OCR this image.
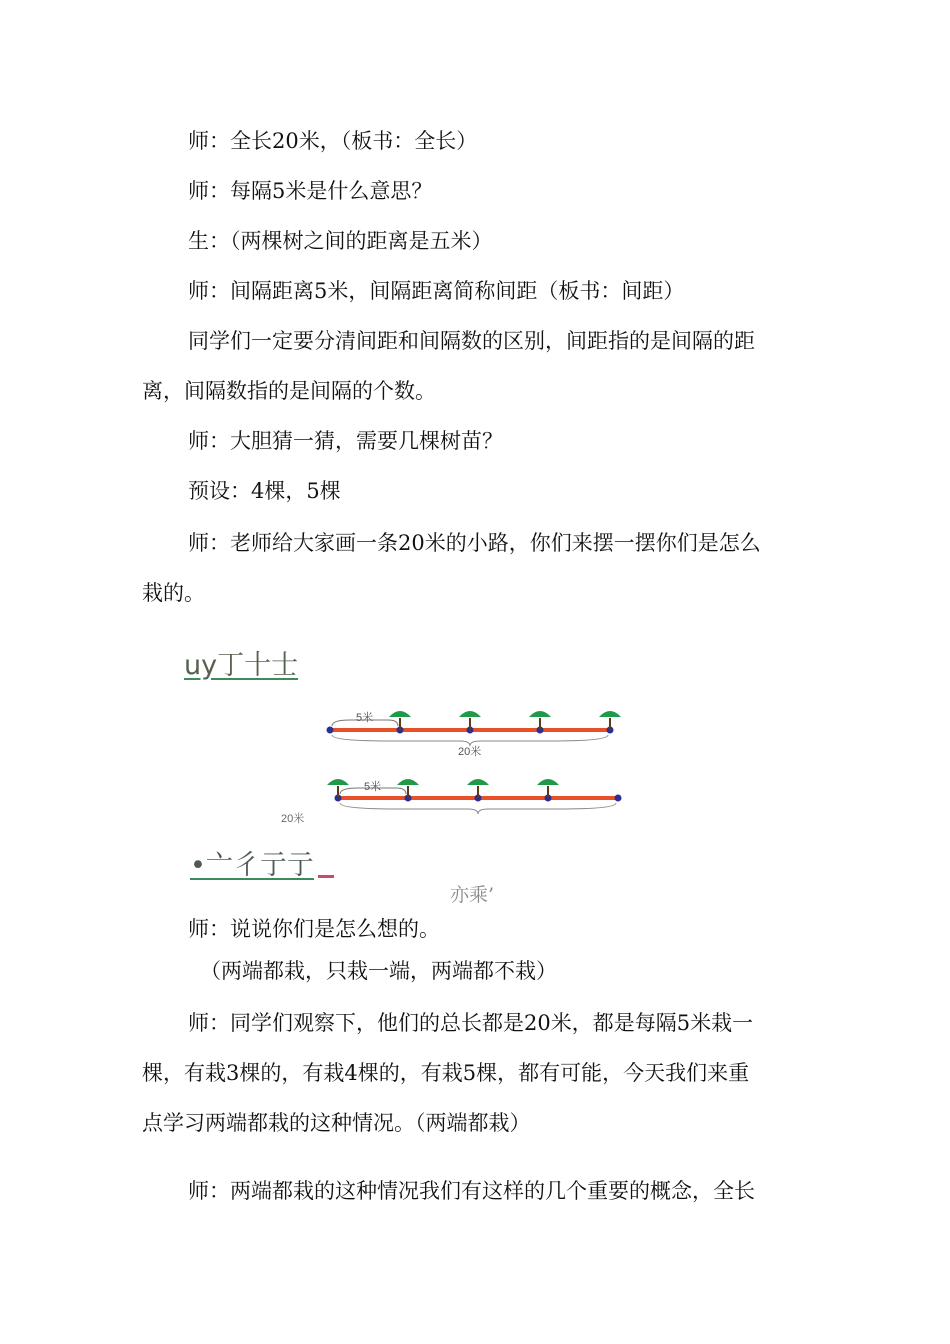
师：全长20米，（板书：全长）
师：每隔5米是什么意思？
生：（两棵树之间的距离是五米）
师：间隔距离5米，间隔距离简称间距（板书：间距）
同学们一定要分清间距和间隔数的区别，间距指的是间隔的距
离，间隔数指的是间隔的个数。
师：大胆猜一猜，需要几棵树苗？
预设：4棵，5棵
师：老师给大家画一条20米的小路，你们来摆一摆你们是怎么
栽的。
uy丁十士
5米
20米
5米
20米
•亠彳亍亍
亦乘’
师：说说你们是怎么想的。
（两端都栽，只栽一端，两端都不栽）
师：同学们观察下，他们的总长都是20米，都是每隔5米栽一
棵，有栽3棵的，有栽4棵的，有栽5棵，都有可能，今天我们来重
点学习两端都栽的这种情况。（两端都栽）
师：两端都栽的这种情况我们有这样的几个重要的概念，全长
